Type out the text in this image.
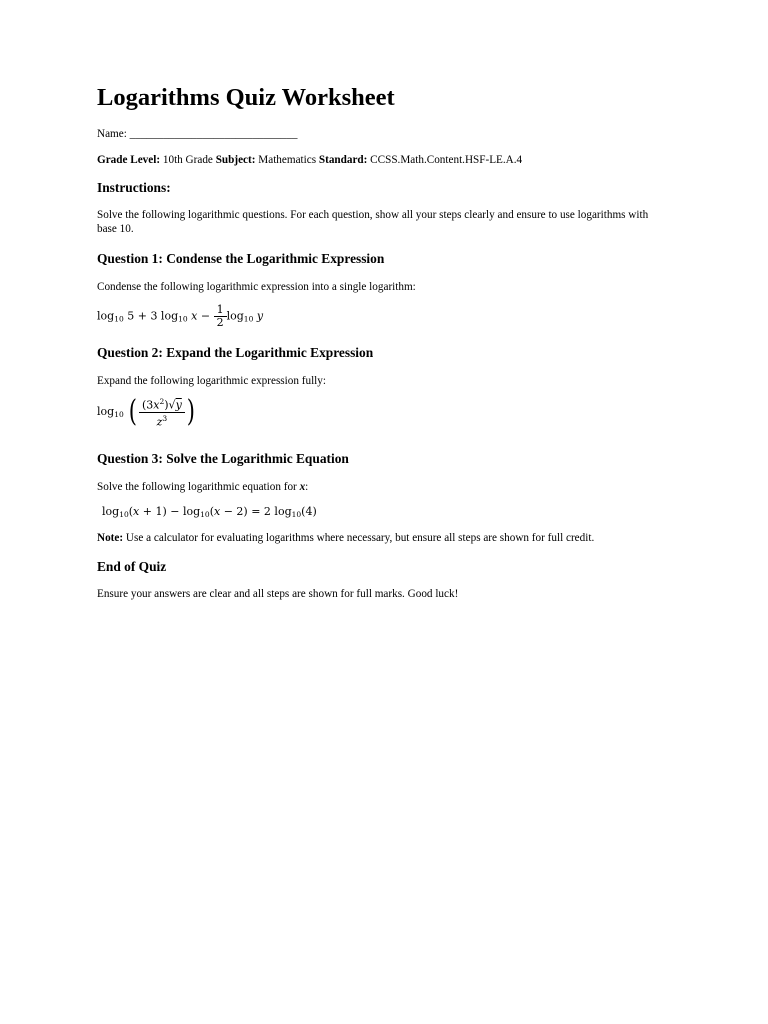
Logarithms Quiz Worksheet
Name: ______________________________
Grade Level: 10th Grade Subject: Mathematics Standard: CCSS.Math.Content.HSF-LE.A.4
Instructions:
Solve the following logarithmic questions. For each question, show all your steps clearly and ensure to use logarithms with base 10.
Question 1: Condense the Logarithmic Expression
Condense the following logarithmic expression into a single logarithm:
$\log_{10} 5 + 3$ $\log_{10} x - \frac{1}{2} \log_{10} y$
Question 2: Expand the Logarithmic Expression
Expand the following logarithmic expression fully:
$\log_{10}$ ( $\frac{(3x^2)√y}{z^3}$ )
Question 3: Solve the Logarithmic Equation
Solve the following logarithmic equation for x:
$\log_{10}(x + 1) - \log_{10}(x - 2) = 2$ $\log_{10}(4)$
Note: Use a calculator for evaluating logarithms where necessary, but ensure all steps are shown for full credit.
End of Quiz
Ensure your answers are clear and all steps are shown for full marks. Good luck!
